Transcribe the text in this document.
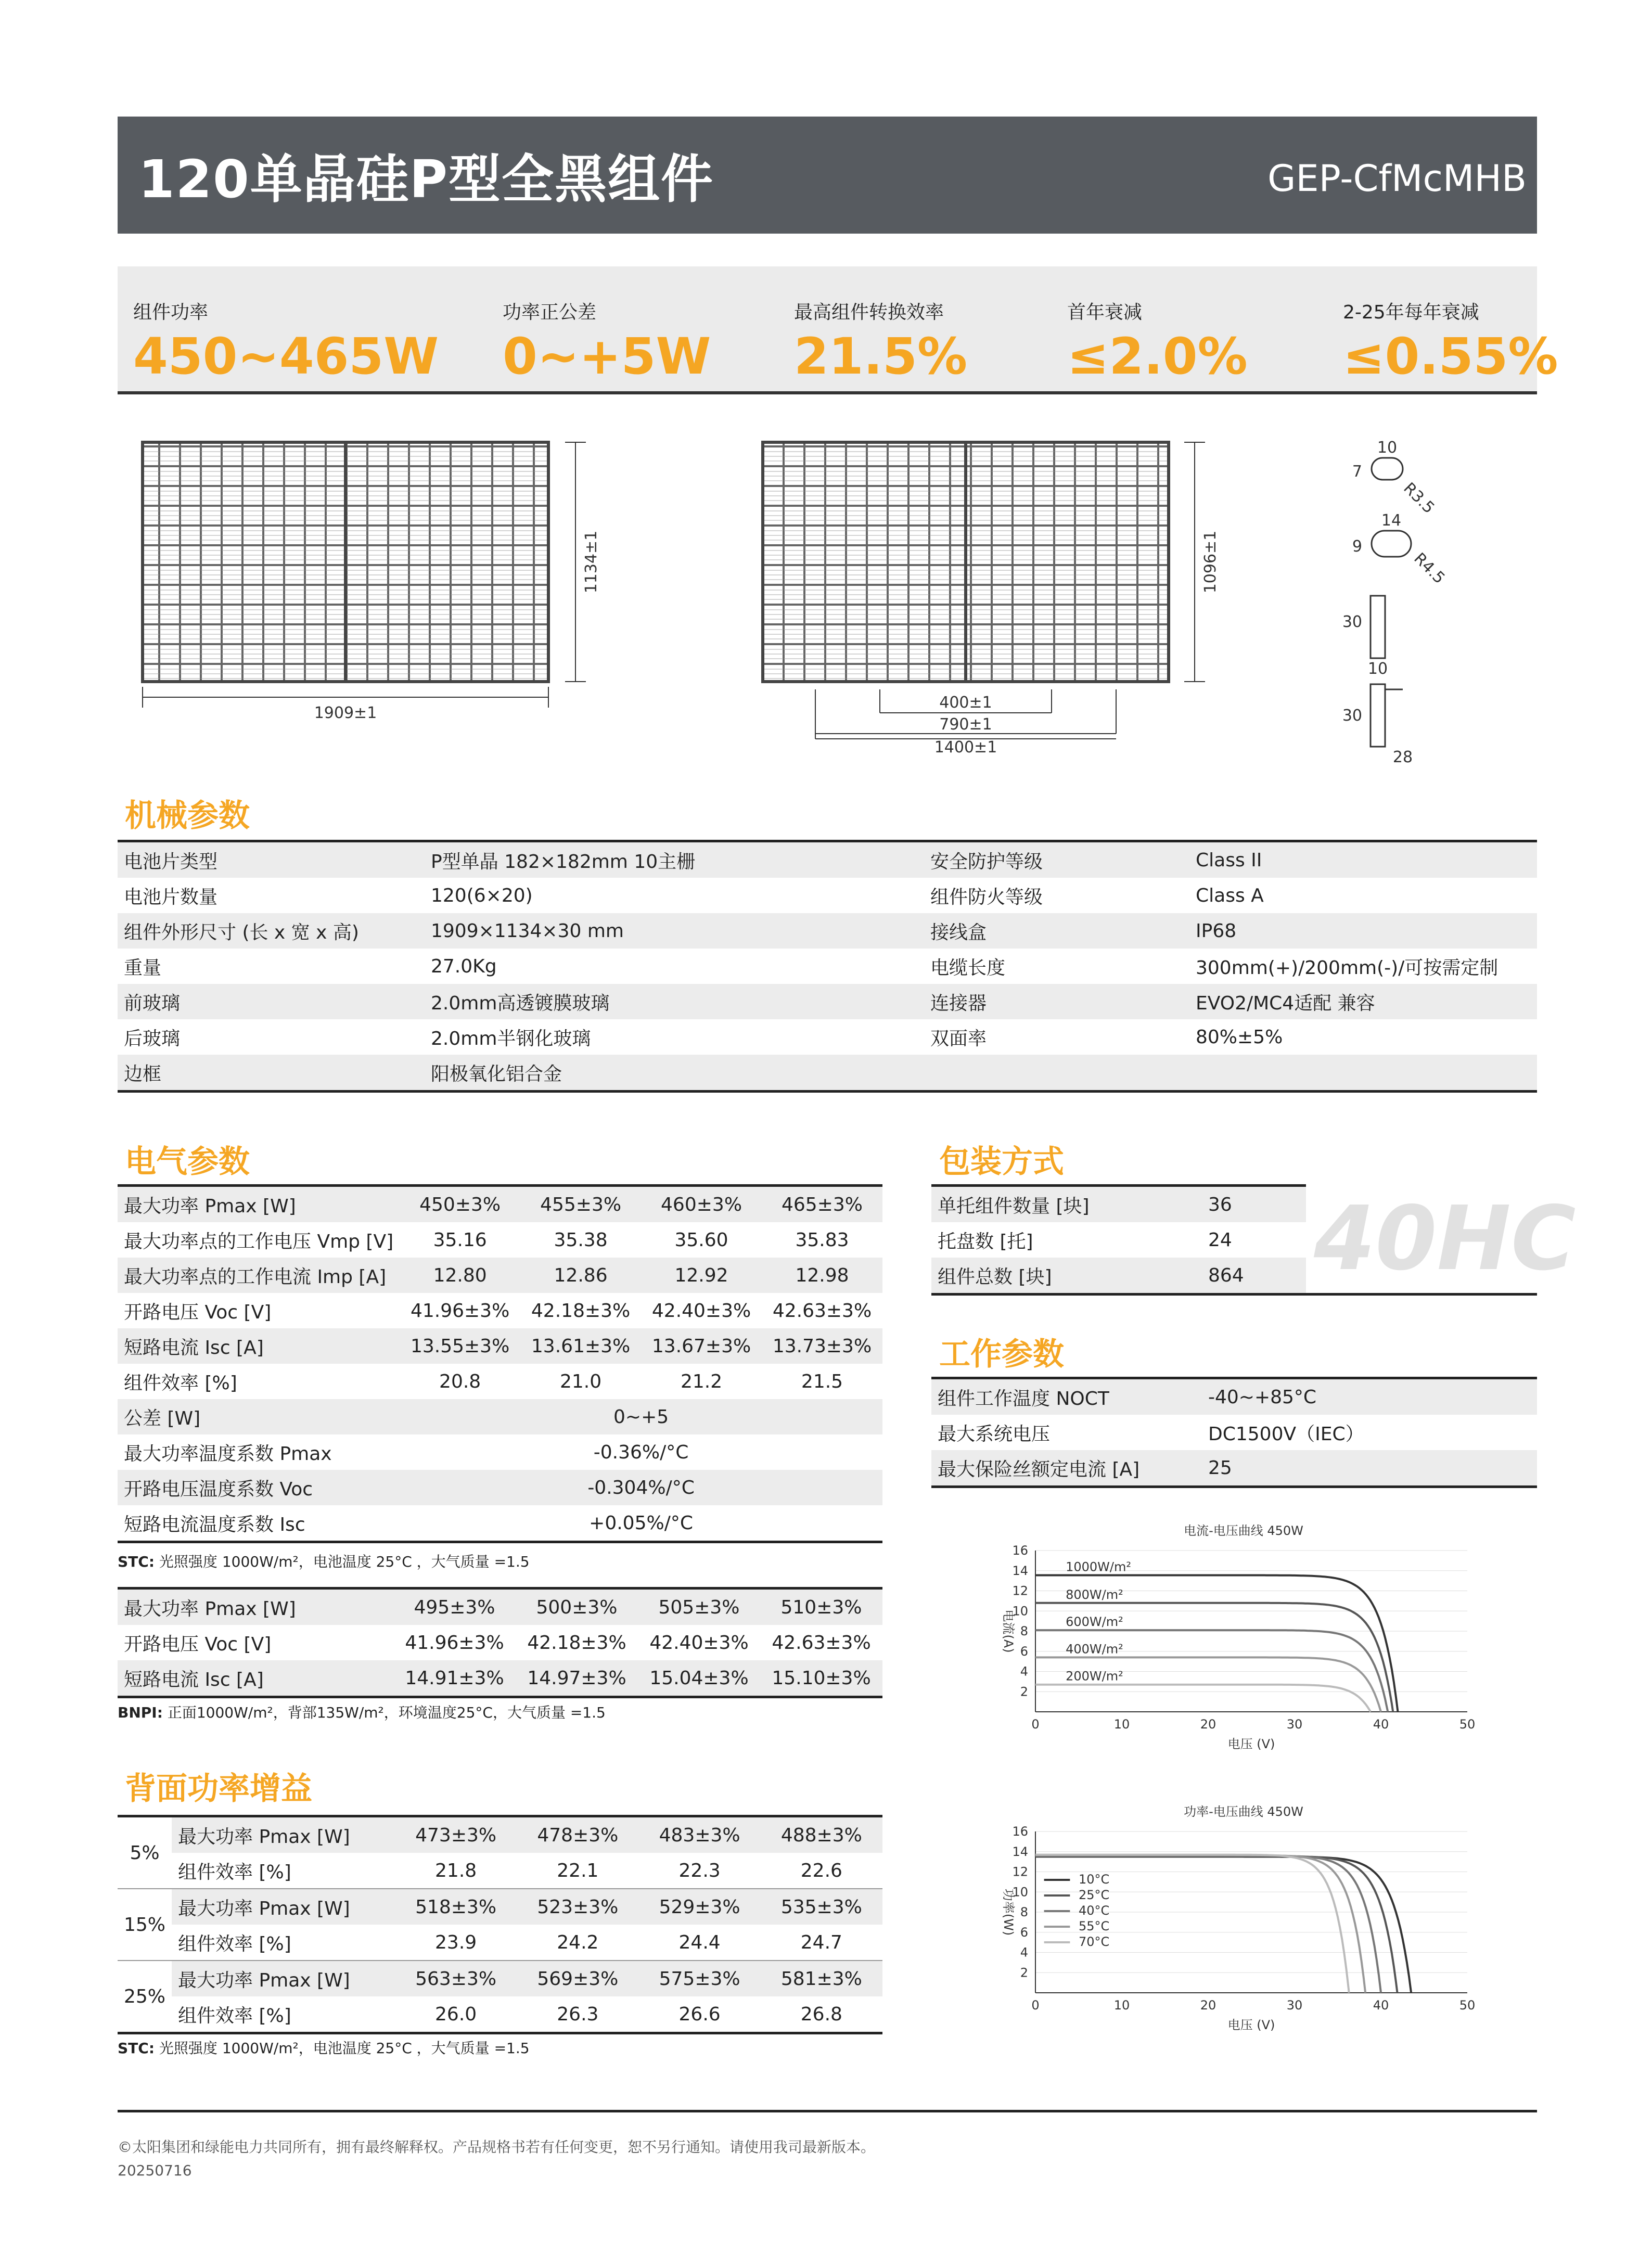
120单晶硅P型全黑组件	GEP-CfMcMHB
组件功率
450~465W
功率正公差
0~+5W
最高组件转换效率
21.5%
首年衰减
≤2.0%
2-25年每年衰减
≤0.55%
1909±1
1134±1	1096±1
400±1
790±1
1400±1
10
7
R3.5
14
9
R4.5
30
10
30
28
机械参数
电池片类型	P型单晶 182×182mm 10主栅	安全防护等级	Class II
电池片数量	120(6×20)	组件防火等级	Class A
组件外形尺寸 (长 x 宽 x 高)	1909×1134×30 mm	接线盒	IP68
重量	27.0Kg	电缆长度	300mm(+)/200mm(-)/可按需定制
前玻璃	2.0mm高透镀膜玻璃	连接器	EVO2/MC4适配 兼容
后玻璃	2.0mm半钢化玻璃	双面率	80%±5%
边框	阳极氧化铝合金		
电气参数
最大功率 Pmax [W]	450±3%	455±3%	460±3%	465±3%
最大功率点的工作电压 Vmp [V]	35.16	35.38	35.60	35.83
最大功率点的工作电流 Imp [A]	12.80	12.86	12.92	12.98
开路电压 Voc [V]	41.96±3%	42.18±3%	42.40±3%	42.63±3%
短路电流 Isc [A]	13.55±3%	13.61±3%	13.67±3%	13.73±3%
组件效率 [%]	20.8	21.0	21.2	21.5
公差 [W]	0~+5			
最大功率温度系数 Pmax	-0.36%/°C			
开路电压温度系数 Voc	-0.304%/°C			
短路电流温度系数 Isc	+0.05%/°C			
STC: 光照强度 1000W/m²，电池温度 25°C ，大气质量 =1.5
最大功率 Pmax [W]	495±3%	500±3%	505±3%	510±3%
开路电压 Voc [V]	41.96±3%	42.18±3%	42.40±3%	42.63±3%
短路电流 Isc [A]	14.91±3%	14.97±3%	15.04±3%	15.10±3%
BNPI: 正面1000W/m²，背部135W/m²，环境温度25°C，大气质量 =1.5
背面功率增益
5%	最大功率 Pmax [W]	473±3%	478±3%	483±3%	488±3%
	组件效率 [%]	21.8	22.1	22.3	22.6
15%	最大功率 Pmax [W]	518±3%	523±3%	529±3%	535±3%
	组件效率 [%]	23.9	24.2	24.4	24.7
25%	最大功率 Pmax [W]	563±3%	569±3%	575±3%	581±3%
	组件效率 [%]	26.0	26.3	26.6	26.8
STC: 光照强度 1000W/m²，电池温度 25°C ，大气质量 =1.5
包装方式
单托组件数量 [块]	36
托盘数 [托]	24
组件总数 [块]	864 40HC
工作参数
组件工作温度 NOCT	-40~+85°C
最大系统电压	DC1500V（IEC）
最大保险丝额定电流 [A]	25
电流-电压曲线 450W
2
4
6
8
10
12
14
16
0	10	20	30	40	50
电压 (V)
电流(A)
1000W/m²
800W/m²
600W/m²
400W/m²
200W/m²
功率-电压曲线 450W
2
4
6
8
10
12
14
16
0	10	20	30	40	50
电压 (V)
功率(W)
10°C
25°C
40°C
55°C
70°C
©太阳集团和绿能电力共同所有，拥有最终解释权。产品规格书若有任何变更，恕不另行通知。请使用我司最新版本。
20250716
